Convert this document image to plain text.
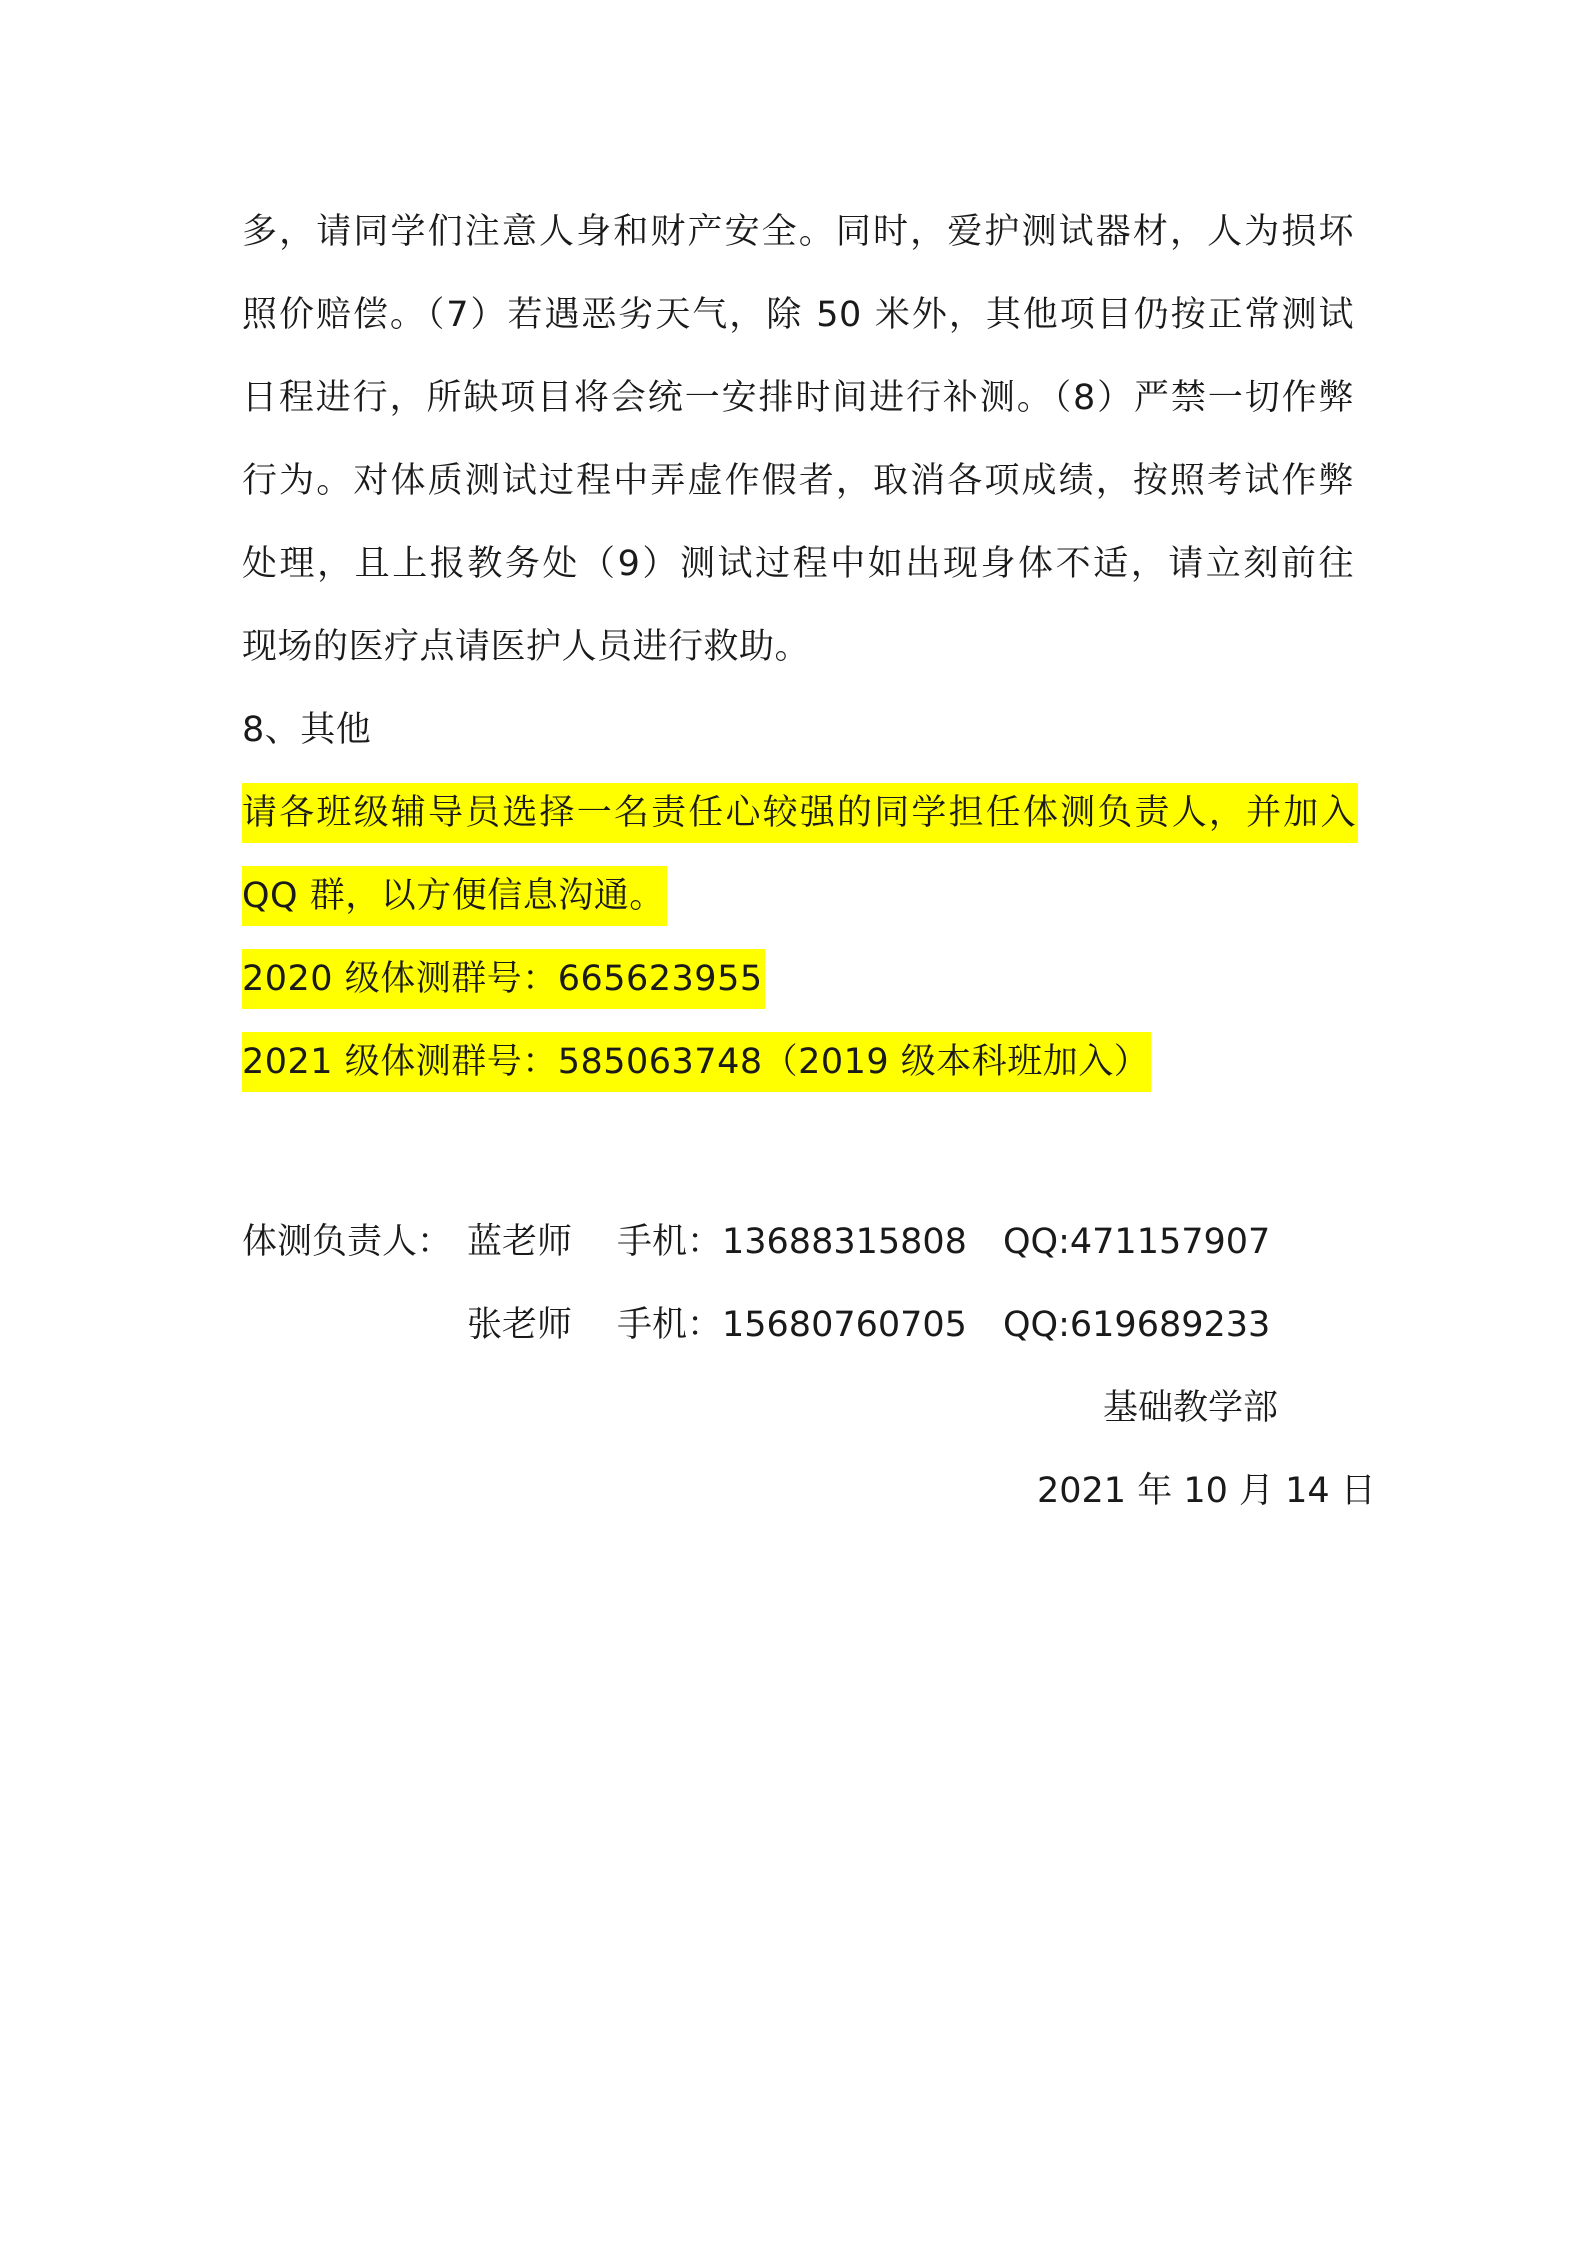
多，请同学们注意人身和财产安全。同时，爱护测试器材，人为损坏
照价赔偿。（7）若遇恶劣天气，除 50 米外，其他项目仍按正常测试
日程进行，所缺项目将会统一安排时间进行补测。（8）严禁一切作弊
行为。对体质测试过程中弄虚作假者，取消各项成绩，按照考试作弊
处理，且上报教务处（9）测试过程中如出现身体不适，请立刻前往
现场的医疗点请医护人员进行救助。
8、其他
请各班级辅导员选择一名责任心较强的同学担任体测负责人，并加入
QQ 群，以方便信息沟通。
2020 级体测群号：665623955
2021 级体测群号：585063748（2019 级本科班加入）
体测负责人： 蓝老师 手机：13688315808 QQ:471157907
张老师 手机：15680760705 QQ:619689233
基础教学部
2021 年 10 月 14 日
